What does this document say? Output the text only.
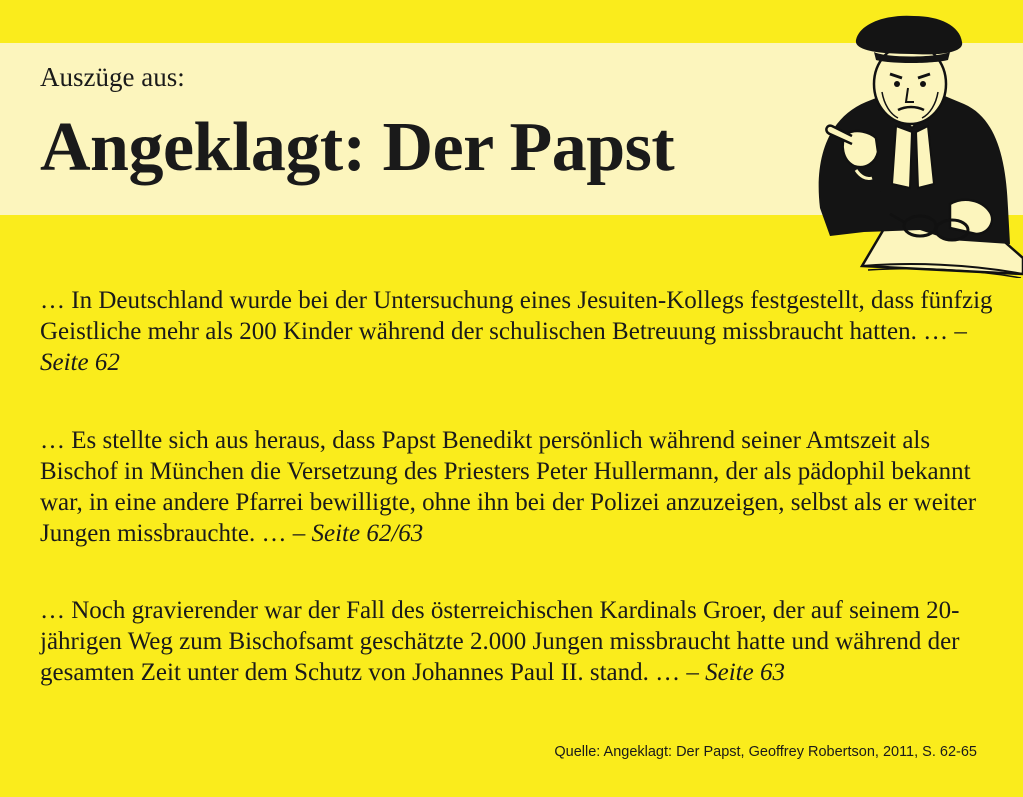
Auszüge aus:
Angeklagt: Der Papst

… In Deutschland wurde bei der Untersuchung eines Jesuiten-Kollegs festgestellt, dass fünfzig Geistliche mehr als 200 Kinder während der schulischen Betreuung missbraucht hatten. … – Seite 62

… Es stellte sich aus heraus, dass Papst Benedikt persönlich während seiner Amtszeit als Bischof in München die Versetzung des Priesters Peter Hullermann, der als pädophil bekannt war, in eine andere Pfarrei bewilligte, ohne ihn bei der Polizei anzuzeigen, selbst als er weiter Jungen missbrauchte. … – Seite 62/63

… Noch gravierender war der Fall des österreichischen Kardinals Groer, der auf seinem 20-jährigen Weg zum Bischofsamt geschätzte 2.000 Jungen missbraucht hatte und während der gesamten Zeit unter dem Schutz von Johannes Paul II. stand. … – Seite 63

Quelle: Angeklagt: Der Papst, Geoffrey Robertson, 2011, S. 62-65
